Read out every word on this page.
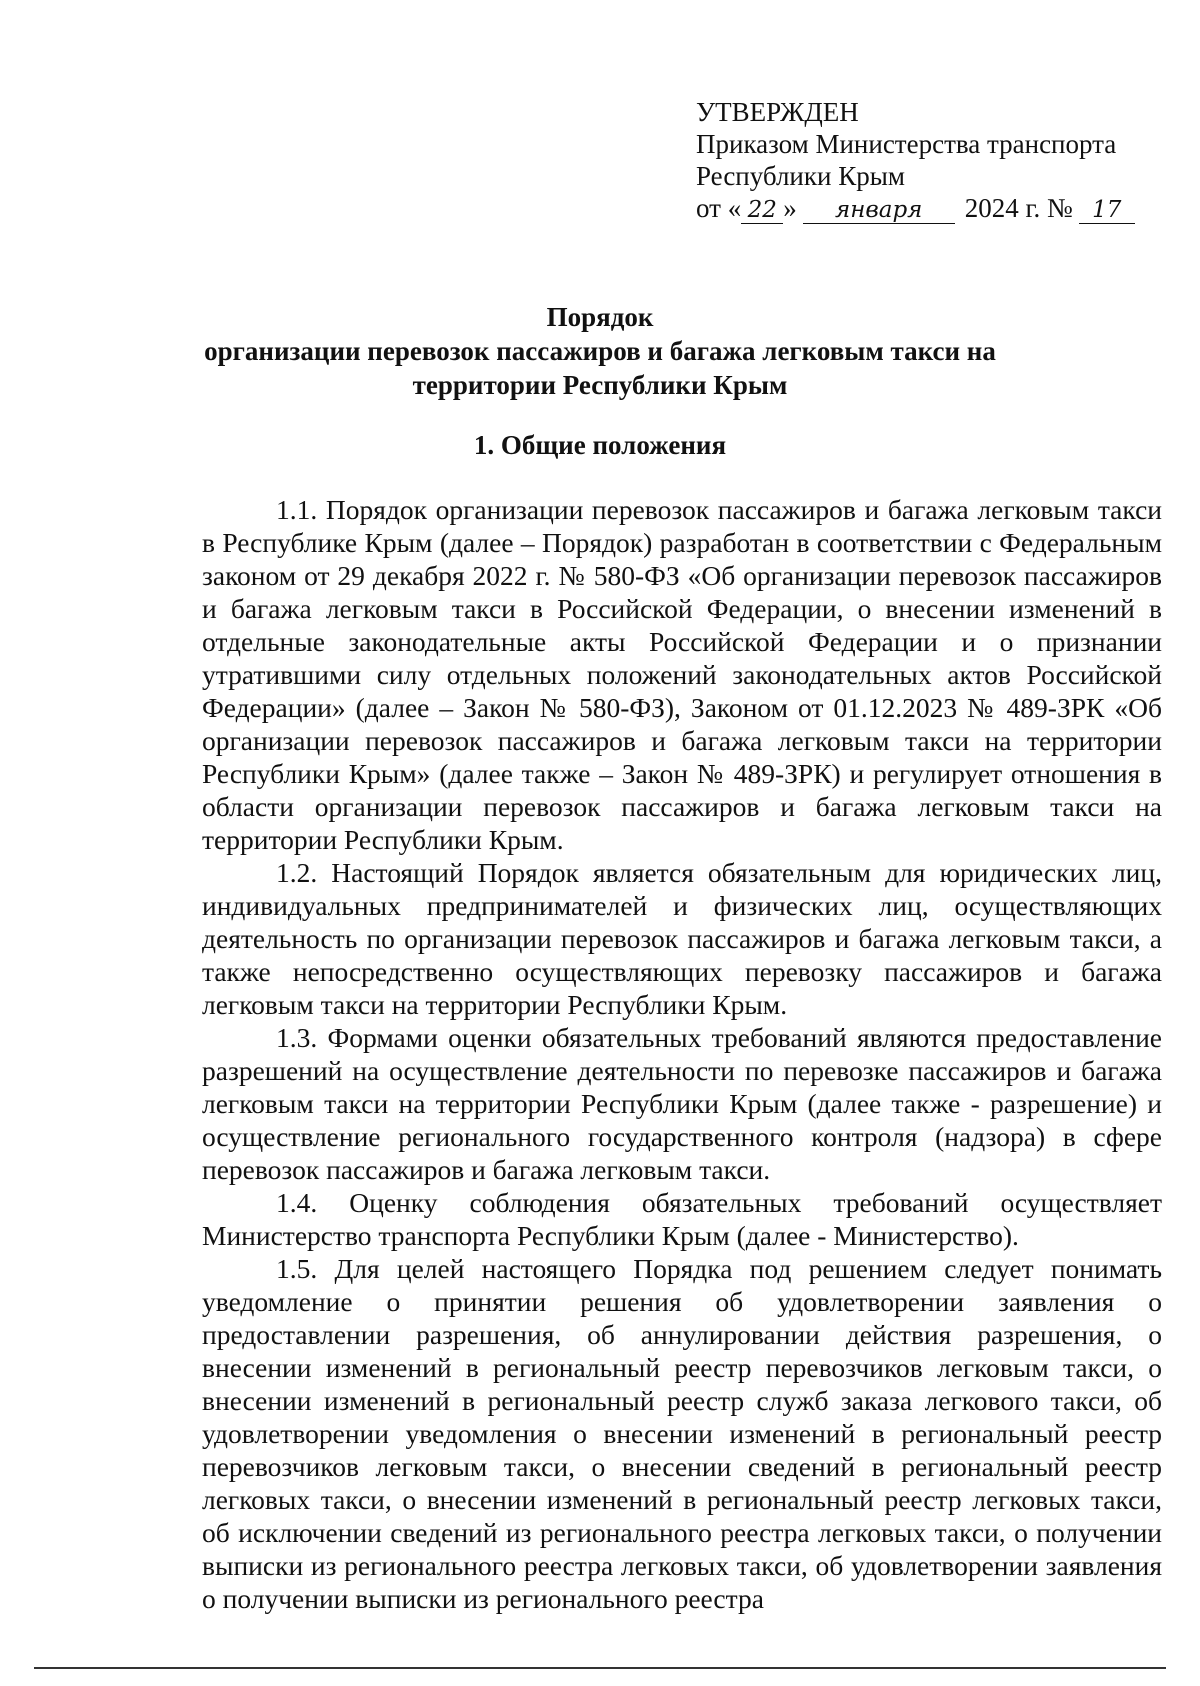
УТВЕРЖДЕН
Приказом Министерства транспорта
Республики Крым
от « 22 »	января	2024 г. № 17
Порядок
организации перевозок пассажиров и багажа легковым такси на
территории Республики Крым
1. Общие положения

1.1. Порядок организации перевозок пассажиров и багажа легковым такси в Республике Крым (далее – Порядок) разработан в соответствии с Федеральным законом от 29 декабря 2022 г. № 580-ФЗ «Об организации перевозок пассажиров и багажа легковым такси в Российской Федерации, о внесении изменений в отдельные законодательные акты Российской Федерации и о признании утратившими силу отдельных положений законодательных актов Российской Федерации» (далее – Закон № 580-ФЗ), Законом от 01.12.2023 № 489-ЗРК «Об организации перевозок пассажиров и багажа легковым такси на территории Республики Крым» (далее также – Закон № 489-ЗРК) и регулирует отношения в области организации перевозок пассажиров и багажа легковым такси на территории Республики Крым.

1.2. Настоящий Порядок является обязательным для юридических лиц, индивидуальных предпринимателей и физических лиц, осуществляющих деятельность по организации перевозок пассажиров и багажа легковым такси, а также непосредственно осуществляющих перевозку пассажиров и багажа легковым такси на территории Республики Крым.

1.3. Формами оценки обязательных требований являются предоставление разрешений на осуществление деятельности по перевозке пассажиров и багажа легковым такси на территории Республики Крым (далее также - разрешение) и осуществление регионального государственного контроля (надзора) в сфере перевозок пассажиров и багажа легковым такси.

1.4. Оценку соблюдения обязательных требований осуществляет Министерство транспорта Республики Крым (далее - Министерство).

1.5. Для целей настоящего Порядка под решением следует понимать уведомление о принятии решения об удовлетворении заявления о предоставлении разрешения, об аннулировании действия разрешения, о внесении изменений в региональный реестр перевозчиков легковым такси, о внесении изменений в региональный реестр служб заказа легкового такси, об удовлетворении уведомления о внесении изменений в региональный реестр перевозчиков легковым такси, о внесении сведений в региональный реестр легковых такси, о внесении изменений в региональный реестр легковых такси, об исключении сведений из регионального реестра легковых такси, о получении выписки из регионального реестра легковых такси, об удовлетворении заявления о получении выписки из регионального реестра
